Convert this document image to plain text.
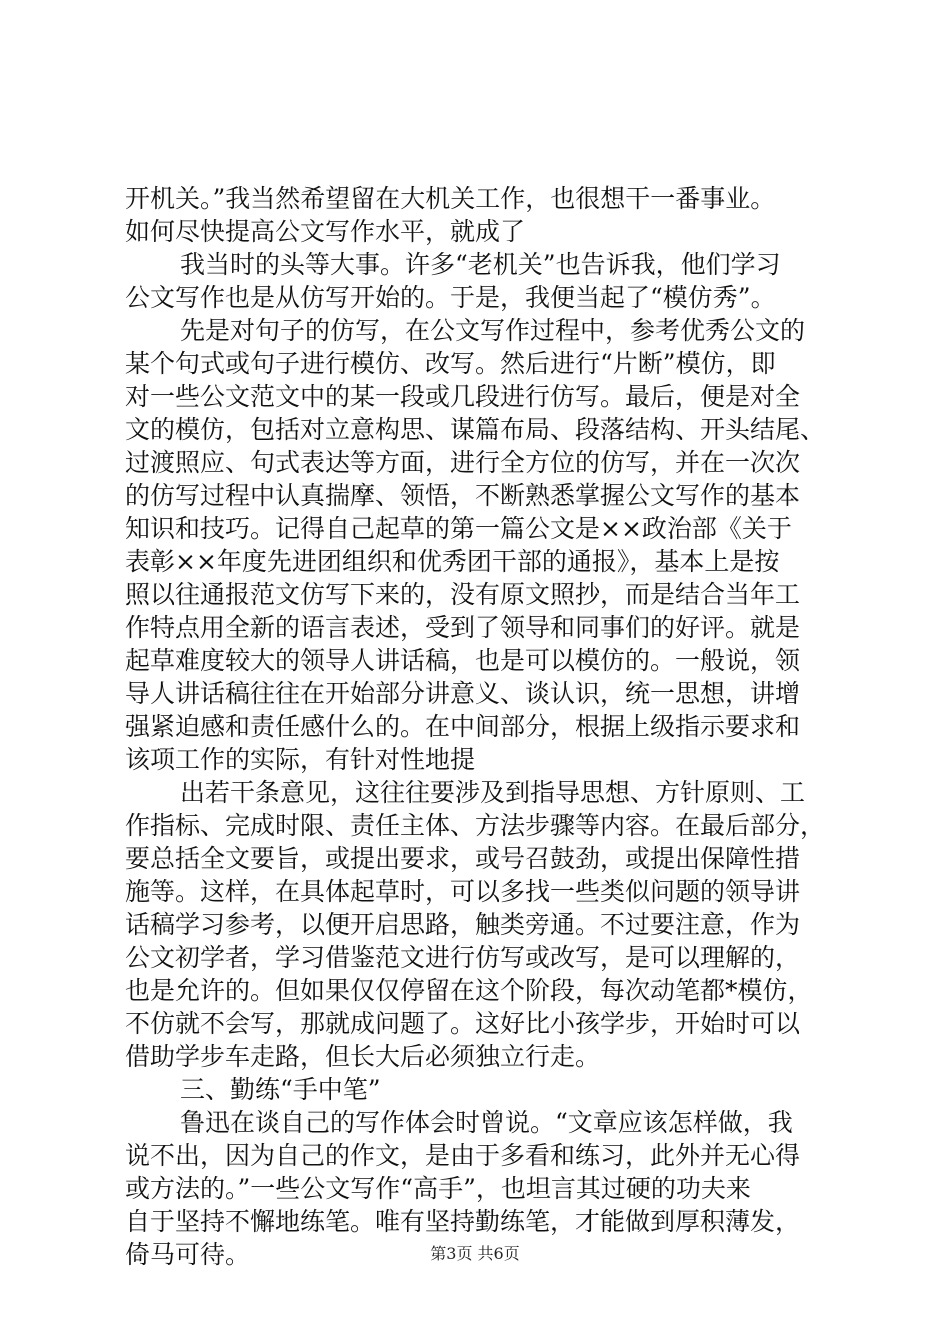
开机关。”我当然希望留在大机关工作，也很想干一番事业。
如何尽快提高公文写作水平，就成了
我当时的头等大事。许多“老机关”也告诉我，他们学习
公文写作也是从仿写开始的。于是，我便当起了“模仿秀”。
先是对句子的仿写，在公文写作过程中，参考优秀公文的
某个句式或句子进行模仿、改写。然后进行“片断”模仿，即
对一些公文范文中的某一段或几段进行仿写。最后，便是对全
文的模仿，包括对立意构思、谋篇布局、段落结构、开头结尾、
过渡照应、句式表达等方面，进行全方位的仿写，并在一次次
的仿写过程中认真揣摩、领悟，不断熟悉掌握公文写作的基本
知识和技巧。记得自己起草的第一篇公文是××政治部《关于
表彰××年度先进团组织和优秀团干部的通报》，基本上是按
照以往通报范文仿写下来的，没有原文照抄，而是结合当年工
作特点用全新的语言表述，受到了领导和同事们的好评。就是
起草难度较大的领导人讲话稿，也是可以模仿的。一般说，领
导人讲话稿往往在开始部分讲意义、谈认识，统一思想，讲增
强紧迫感和责任感什么的。在中间部分，根据上级指示要求和
该项工作的实际，有针对性地提
出若干条意见，这往往要涉及到指导思想、方针原则、工
作指标、完成时限、责任主体、方法步骤等内容。在最后部分，
要总括全文要旨，或提出要求，或号召鼓劲，或提出保障性措
施等。这样，在具体起草时，可以多找一些类似问题的领导讲
话稿学习参考，以便开启思路，触类旁通。不过要注意，作为
公文初学者，学习借鉴范文进行仿写或改写，是可以理解的，
也是允许的。但如果仅仅停留在这个阶段，每次动笔都*模仿，
不仿就不会写，那就成问题了。这好比小孩学步，开始时可以
借助学步车走路，但长大后必须独立行走。
三、勤练“手中笔”
鲁迅在谈自己的写作体会时曾说。“文章应该怎样做，我
说不出，因为自己的作文，是由于多看和练习，此外并无心得
或方法的。”一些公文写作“高手”，也坦言其过硬的功夫来
自于坚持不懈地练笔。唯有坚持勤练笔，才能做到厚积薄发，
倚马可待。	第3页 共6页
